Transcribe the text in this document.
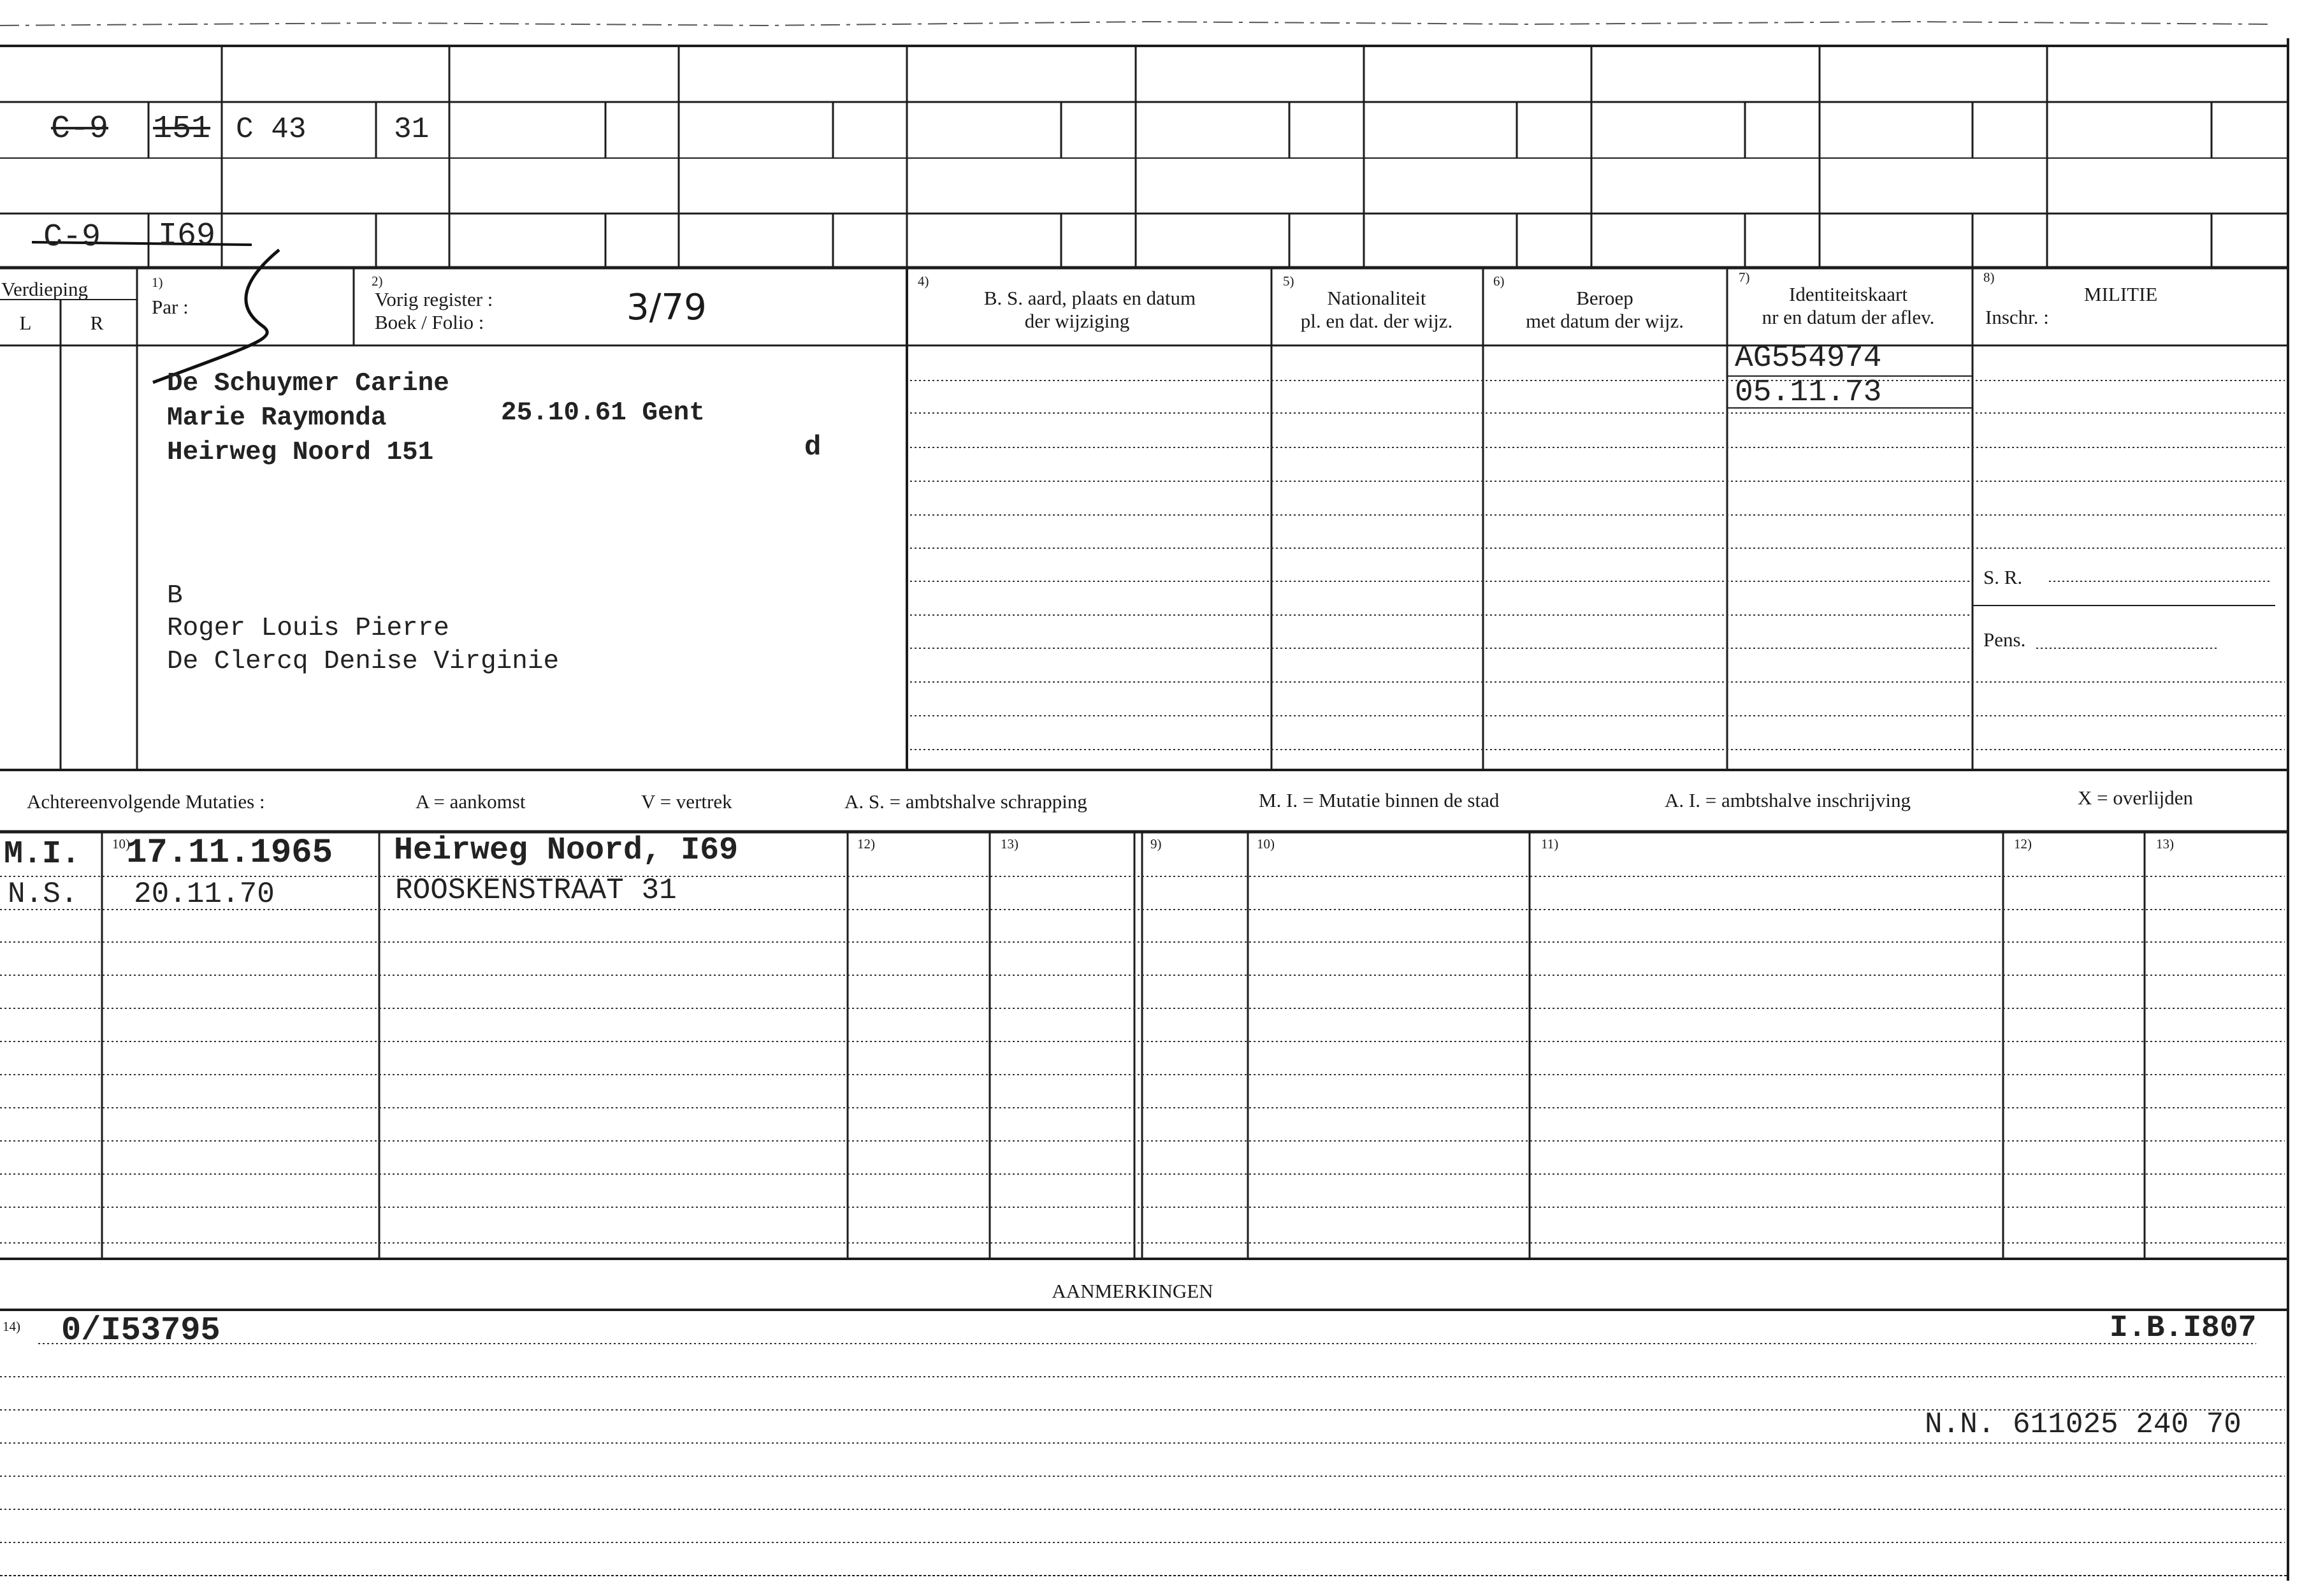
C-9 151 C 43	31
C-9 I69
Verdieping
L	R
1)
Par :
2)
Vorig register :
Boek / Folio :	3/79
4)
B. S. aard, plaats en datum
der wijziging
5)
Nationaliteit
pl. en dat. der wijz.
6)
Beroep
met datum der wijz.
7)
Identiteitskaart
nr en datum der aflev.
8)
MILITIE
Inschr. :
S. R.
Pens.
De Schuymer Carine
Marie Raymonda
Heirweg Noord 151
25.10.61 Gent
d
B
Roger Louis Pierre
De Clercq Denise Virginie
AG554974
05.11.73
Achtereenvolgende Mutaties :	A = aankomst	V = vertrek	A. S. = ambtshalve schrapping	M. I. = Mutatie binnen de stad	A. I. = ambtshalve inschrijving	X = overlijden
10)	12)	13)	9)	10)	11)	12)	13)
M.I. 17.11.1965 Heirweg Noord, I69
N.S. 20.11.70	ROOSKENSTRAAT 31
AANMERKINGEN
14) 0/I53795	I.B.I807
N.N. 611025 240 70
